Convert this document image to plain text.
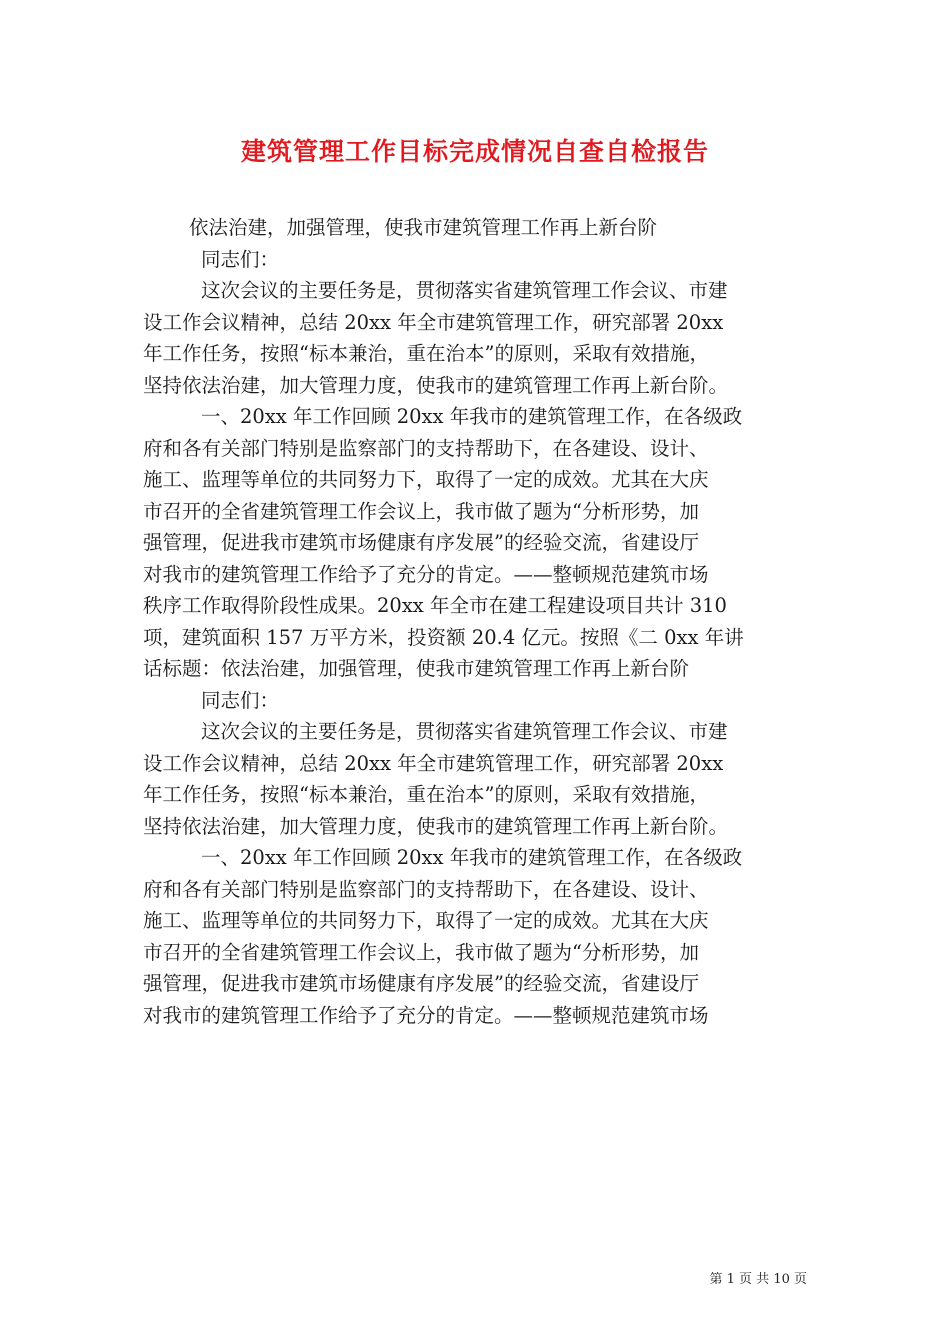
建筑管理工作目标完成情况自查自检报告
依法治建，加强管理，使我市建筑管理工作再上新台阶
同志们：
这次会议的主要任务是，贯彻落实省建筑管理工作会议、市建
设工作会议精神，总结 20xx 年全市建筑管理工作，研究部署 20xx
年工作任务，按照“标本兼治，重在治本”的原则，采取有效措施，
坚持依法治建，加大管理力度，使我市的建筑管理工作再上新台阶。
一、20xx 年工作回顾 20xx 年我市的建筑管理工作，在各级政
府和各有关部门特别是监察部门的支持帮助下，在各建设、设计、
施工、监理等单位的共同努力下，取得了一定的成效。尤其在大庆
市召开的全省建筑管理工作会议上，我市做了题为“分析形势，加
强管理，促进我市建筑市场健康有序发展”的经验交流，省建设厅
对我市的建筑管理工作给予了充分的肯定。——整顿规范建筑市场
秩序工作取得阶段性成果。20xx 年全市在建工程建设项目共计 310
项，建筑面积 157 万平方米，投资额 20.4 亿元。按照《二 0xx 年讲
话标题：依法治建，加强管理，使我市建筑管理工作再上新台阶
同志们：
这次会议的主要任务是，贯彻落实省建筑管理工作会议、市建
设工作会议精神，总结 20xx 年全市建筑管理工作，研究部署 20xx
年工作任务，按照“标本兼治，重在治本”的原则，采取有效措施，
坚持依法治建，加大管理力度，使我市的建筑管理工作再上新台阶。
一、20xx 年工作回顾 20xx 年我市的建筑管理工作，在各级政
府和各有关部门特别是监察部门的支持帮助下，在各建设、设计、
施工、监理等单位的共同努力下，取得了一定的成效。尤其在大庆
市召开的全省建筑管理工作会议上，我市做了题为“分析形势，加
强管理，促进我市建筑市场健康有序发展”的经验交流，省建设厅
对我市的建筑管理工作给予了充分的肯定。——整顿规范建筑市场
第 1 页 共 10 页
